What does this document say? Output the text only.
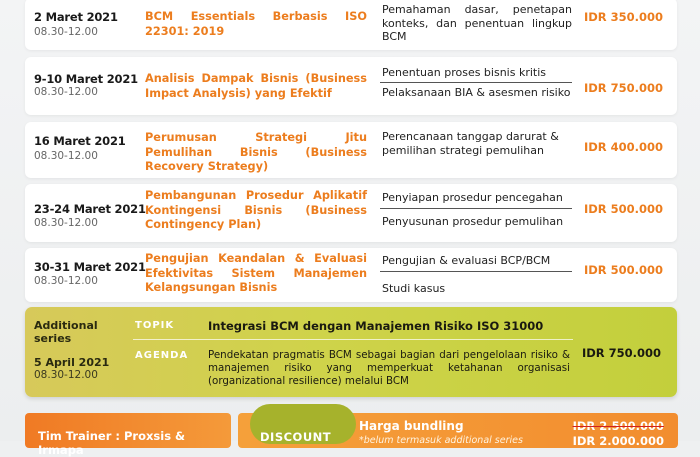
2 Maret 2021
08.30-12.00
BCM Essentials Berbasis ISO 22301: 2019
Pemahaman dasar, penetapan konteks, dan penentuan lingkup BCM
IDR 350.000
9-10 Maret 2021
08.30-12.00
Analisis Dampak Bisnis (Business Impact Analysis) yang Efektif
Penentuan proses bisnis kritis
Pelaksanaan BIA & asesmen risiko IDR 750.000
16 Maret 2021
08.30-12.00
Perumusan Strategi Jitu Pemulihan Bisnis (Business Recovery Strategy)
Perencanaan tanggap darurat & pemilihan strategi pemulihan	IDR 400.000
23-24 Maret 2021
08.30-12.00
Pembangunan Prosedur Aplikatif Kontingensi Bisnis (Business Contingency Plan)
Penyiapan prosedur pencegahan
Penyusunan prosedur pemulihan
IDR 500.000
30-31 Maret 2021
08.30-12.00
Pengujian Keandalan & Evaluasi Efektivitas Sistem Manajemen Kelangsungan Bisnis
Pengujian & evaluasi BCP/BCM
Studi kasus
IDR 500.000
Additional series
5 April 2021
08.30-12.00
TOPIK	Integrasi BCM dengan Manajemen Risiko ISO 31000
AGENDA Pendekatan pragmatis BCM sebagai bagian dari pengelolaan risiko & manajemen risiko yang memperkuat ketahanan organisasi (organizational resilience) melalui BCM
IDR 750.000
Tim Trainer : Proxsis & Irmapa
Harga bundling
*belum termasuk additional series
IDR 2.500.000
IDR 2.000.000
DISCOUNT
